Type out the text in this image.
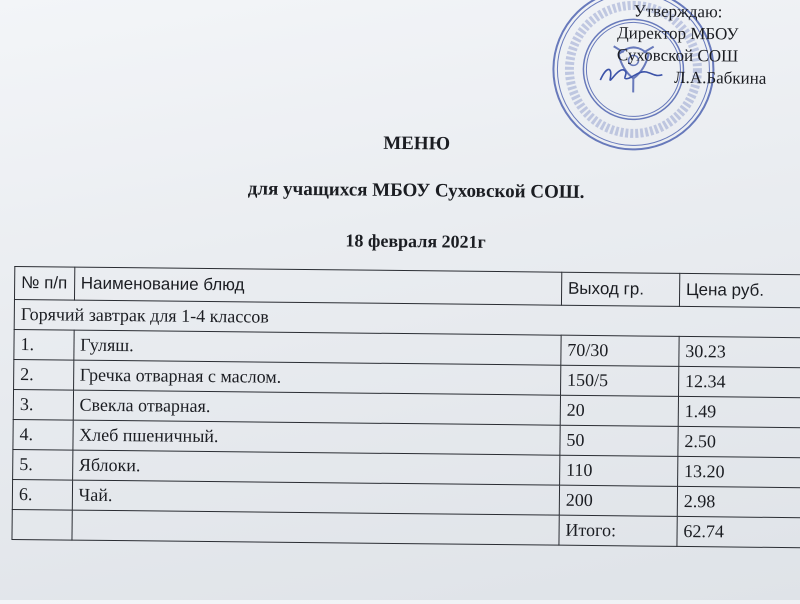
Утверждаю:
Директор МБОУ
Суховской СОШ
Л.А.Бабкина
МЕНЮ
для учащихся МБОУ Суховской СОШ.
18 февраля 2021г
№ п/п	Наименование блюд	Выход гр.	Цена руб.
Горячий завтрак для 1-4 классов			
1.	Гуляш.	70/30	30.23
2.	Гречка отварная с маслом.	150/5	12.34
3.	Свекла отварная.	20	1.49
4.	Хлеб пшеничный.	50	2.50
5.	Яблоки.	110	13.20
6.	Чай.	200	2.98
		Итого:	62.74
